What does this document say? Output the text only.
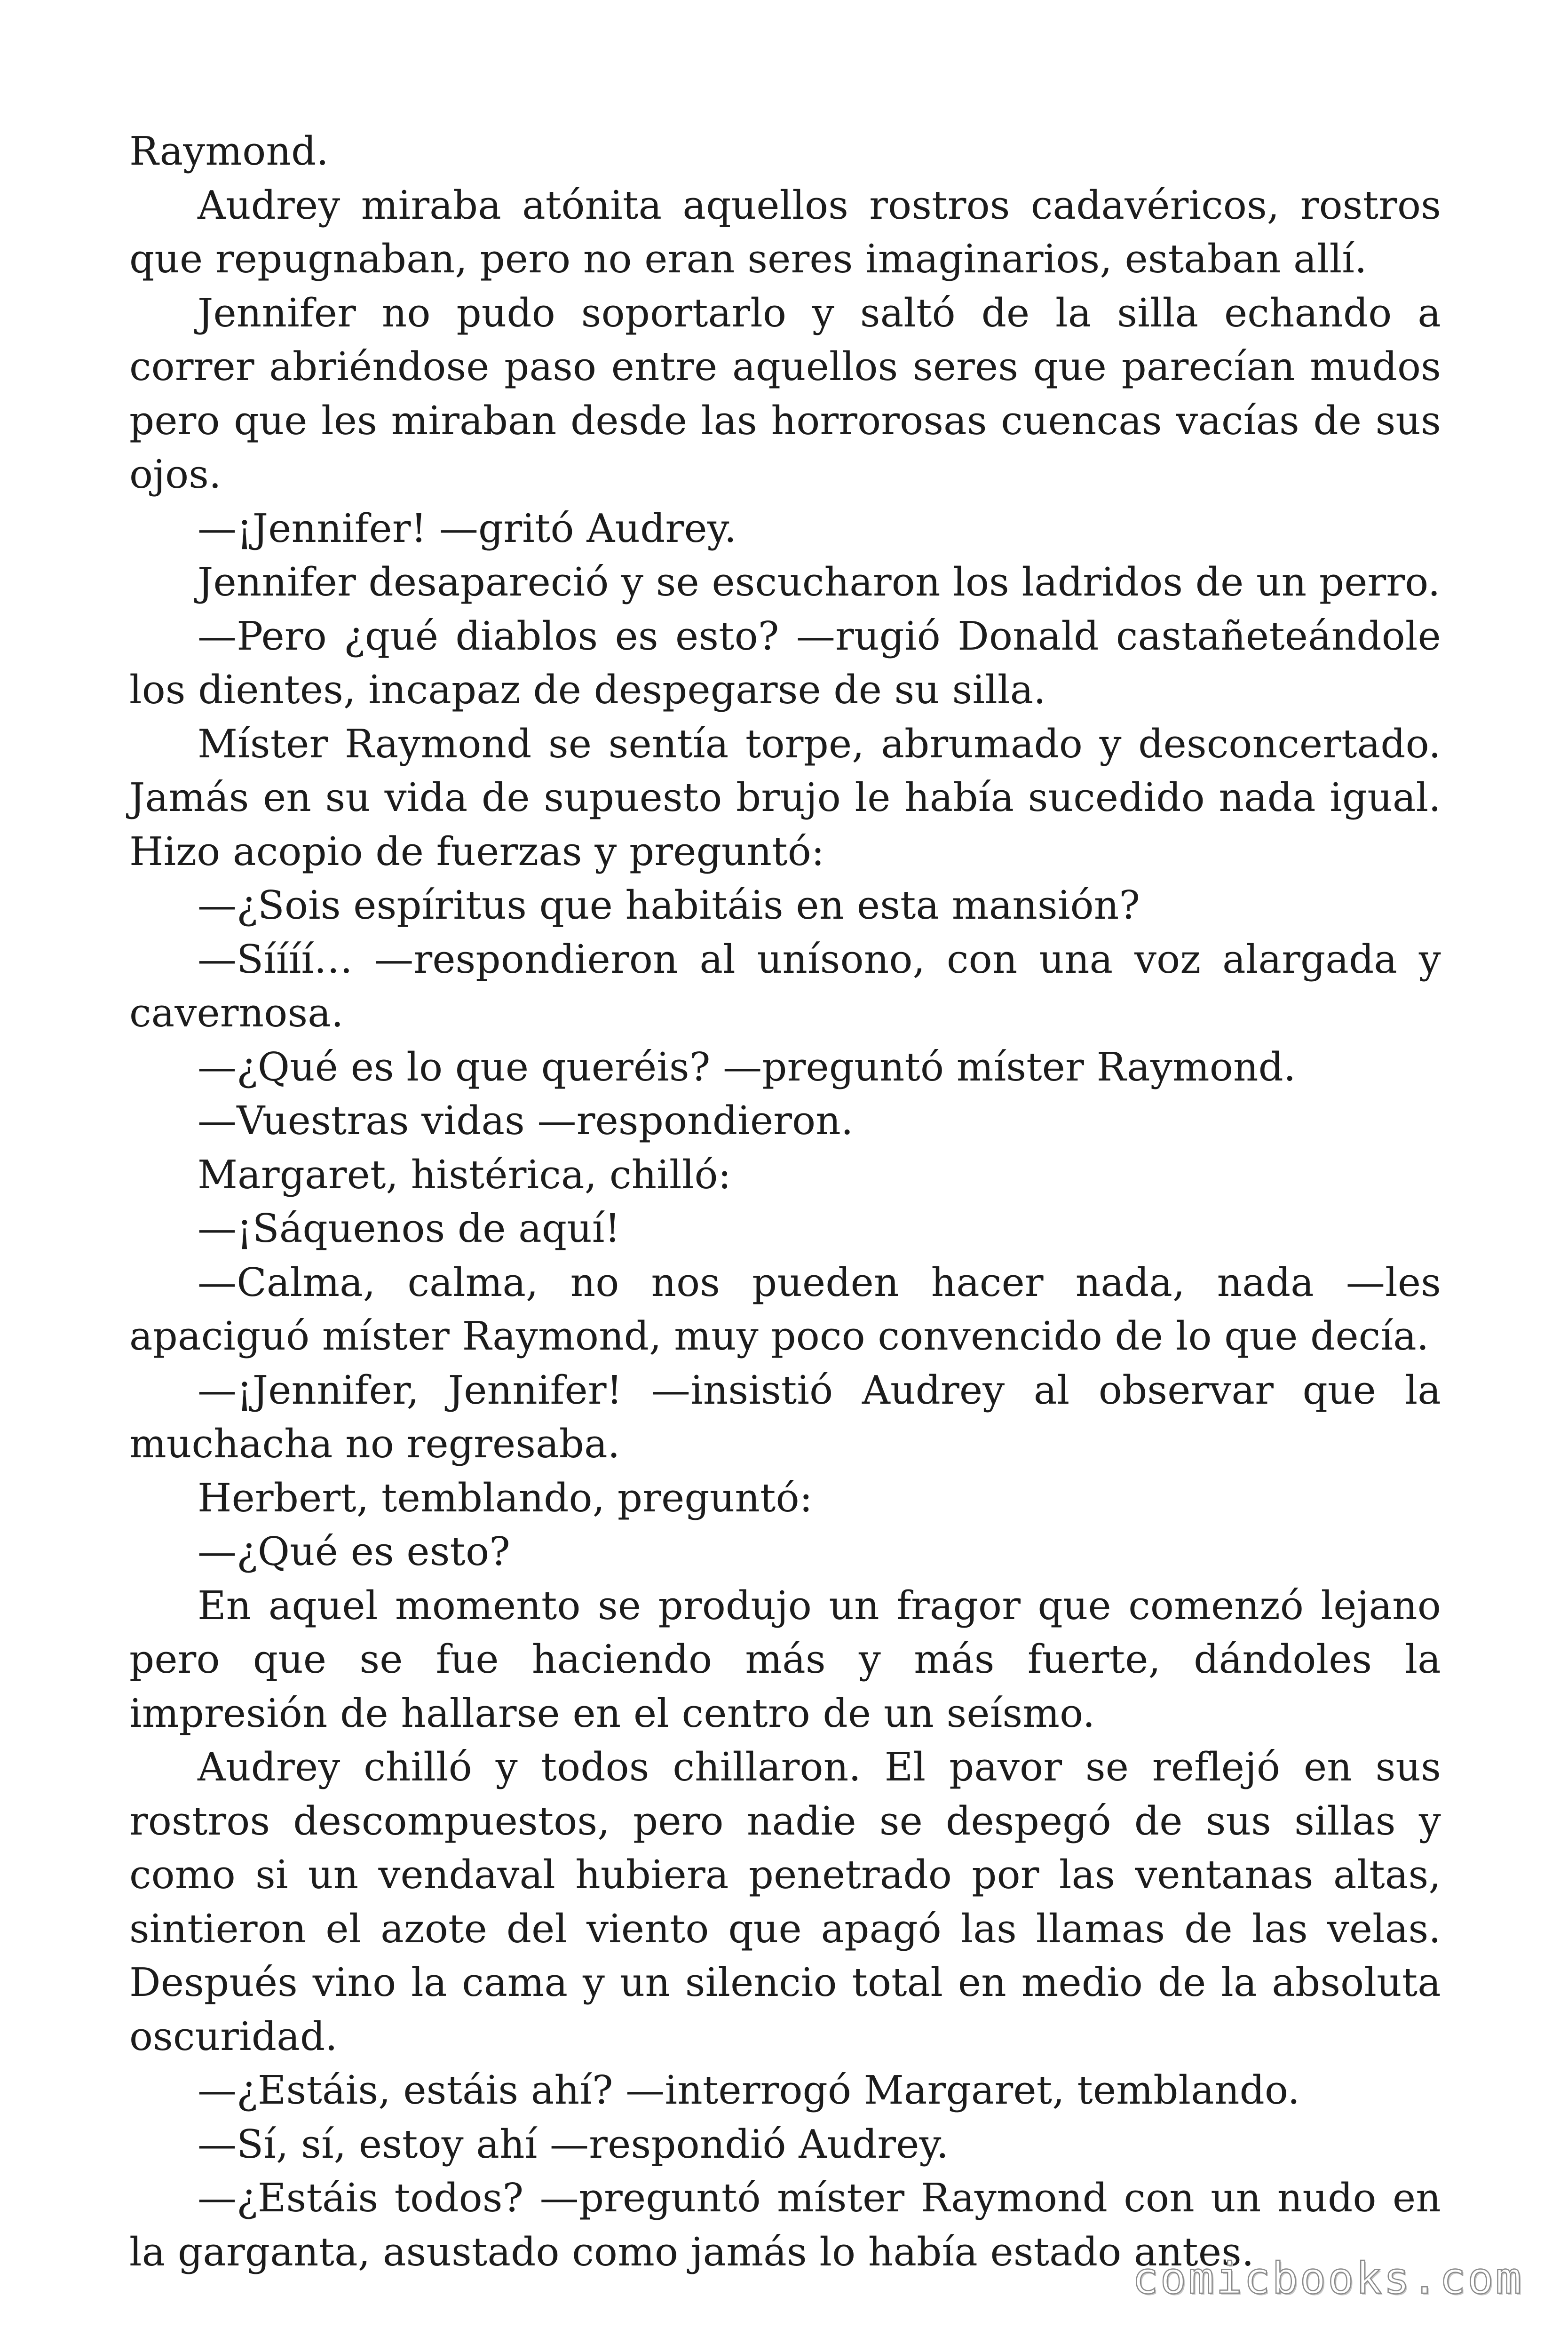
Raymond.

Audrey miraba atónita aquellos rostros cadavéricos, rostros que repugnaban, pero no eran seres imaginarios, estaban allí.

Jennifer no pudo soportarlo y saltó de la silla echando a correr abriéndose paso entre aquellos seres que parecían mudos pero que les miraban desde las horrorosas cuencas vacías de sus ojos.

—¡Jennifer! —gritó Audrey.

Jennifer desapareció y se escucharon los ladridos de un perro.

—Pero ¿qué diablos es esto? —rugió Donald castañeteándole los dientes, incapaz de despegarse de su silla.

Míster Raymond se sentía torpe, abrumado y desconcertado. Jamás en su vida de supuesto brujo le había sucedido nada igual. Hizo acopio de fuerzas y preguntó:

—¿Sois espíritus que habitáis en esta mansión?

—Síííí… —respondieron al unísono, con una voz alargada y cavernosa.

—¿Qué es lo que queréis? —preguntó míster Raymond.

—Vuestras vidas —respondieron.

Margaret, histérica, chilló:

—¡Sáquenos de aquí!

—Calma, calma, no nos pueden hacer nada, nada —les apaciguó míster Raymond, muy poco convencido de lo que decía.

—¡Jennifer, Jennifer! —insistió Audrey al observar que la muchacha no regresaba.

Herbert, temblando, preguntó:

—¿Qué es esto?

En aquel momento se produjo un fragor que comenzó lejano pero que se fue haciendo más y más fuerte, dándoles la impresión de hallarse en el centro de un seísmo.

Audrey chilló y todos chillaron. El pavor se reflejó en sus rostros descompuestos, pero nadie se despegó de sus sillas y como si un vendaval hubiera penetrado por las ventanas altas, sintieron el azote del viento que apagó las llamas de las velas. Después vino la cama y un silencio total en medio de la absoluta oscuridad.

—¿Estáis, estáis ahí? —interrogó Margaret, temblando.

—Sí, sí, estoy ahí —respondió Audrey.

—¿Estáis todos? —preguntó míster Raymond con un nudo en la garganta, asustado como jamás lo había estado antes.

comicbooks.com
